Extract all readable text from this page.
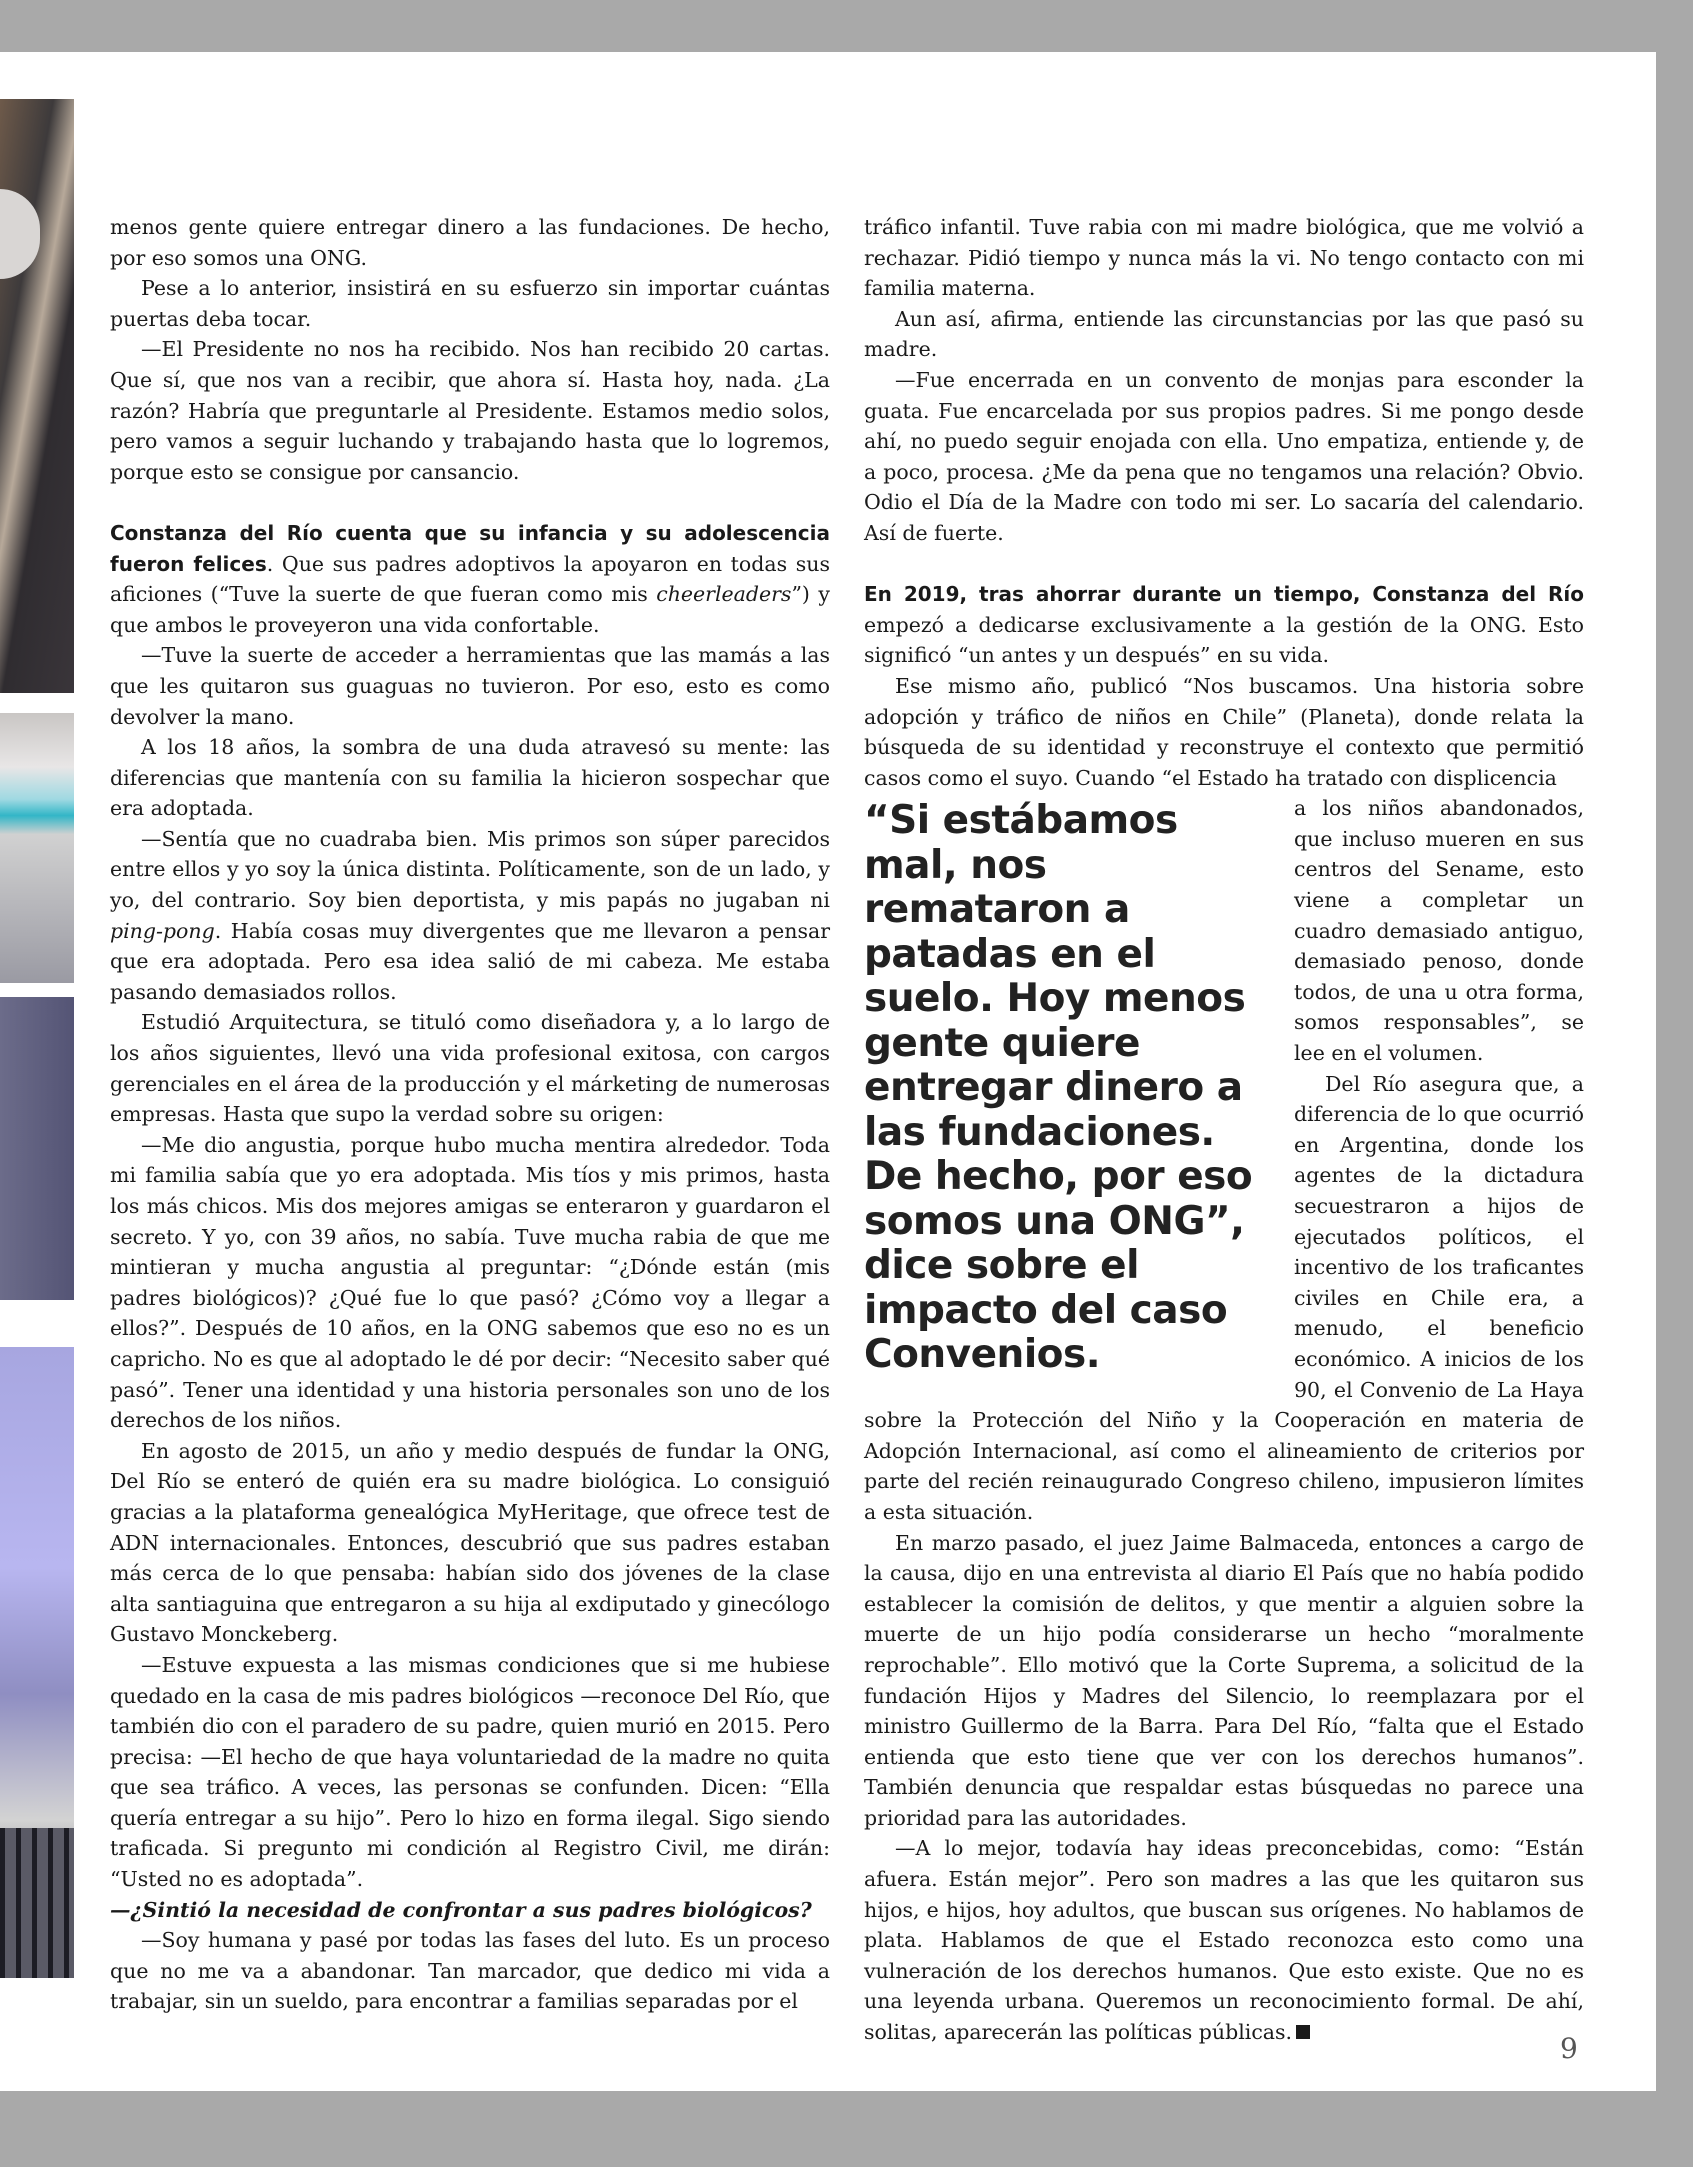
menos gente quiere entregar dinero a las fundaciones. De hecho, por eso somos una ONG.

Pese a lo anterior, insistirá en su esfuerzo sin importar cuántas puertas deba tocar.

—El Presidente no nos ha recibido. Nos han recibido 20 cartas. Que sí, que nos van a recibir, que ahora sí. Hasta hoy, nada. ¿La razón? Habría que preguntarle al Presidente. Estamos medio solos, pero vamos a seguir luchando y trabajando hasta que lo logremos, porque esto se consigue por cansancio.

Constanza del Río cuenta que su infancia y su adolescencia fueron felices. Que sus padres adoptivos la apoyaron en todas sus aficiones (“Tuve la suerte de que fueran como mis cheerleaders”) y que ambos le proveyeron una vida confortable.

—Tuve la suerte de acceder a herramientas que las mamás a las que les quitaron sus guaguas no tuvieron. Por eso, esto es como devolver la mano.

A los 18 años, la sombra de una duda atravesó su mente: las diferencias que mantenía con su familia la hicieron sospechar que era adoptada.

—Sentía que no cuadraba bien. Mis primos son súper parecidos entre ellos y yo soy la única distinta. Políticamente, son de un lado, y yo, del contrario. Soy bien deportista, y mis papás no jugaban ni ping-pong. Había cosas muy divergentes que me llevaron a pensar que era adoptada. Pero esa idea salió de mi cabeza. Me estaba pasando demasiados rollos.

Estudió Arquitectura, se tituló como diseñadora y, a lo largo de los años siguientes, llevó una vida profesional exitosa, con cargos gerenciales en el área de la producción y el márketing de numerosas empresas. Hasta que supo la verdad sobre su origen:

—Me dio angustia, porque hubo mucha mentira alrededor. Toda mi familia sabía que yo era adoptada. Mis tíos y mis primos, hasta los más chicos. Mis dos mejores amigas se enteraron y guardaron el secreto. Y yo, con 39 años, no sabía. Tuve mucha rabia de que me mintieran y mucha angustia al preguntar: “¿Dónde están (mis padres biológicos)? ¿Qué fue lo que pasó? ¿Cómo voy a llegar a ellos?”. Después de 10 años, en la ONG sabemos que eso no es un capricho. No es que al adoptado le dé por decir: “Necesito saber qué pasó”. Tener una identidad y una historia personales son uno de los derechos de los niños.

En agosto de 2015, un año y medio después de fundar la ONG, Del Río se enteró de quién era su madre biológica. Lo consiguió gracias a la plataforma genealógica MyHeritage, que ofrece test de ADN internacionales. Entonces, descubrió que sus padres estaban más cerca de lo que pensaba: habían sido dos jóvenes de la clase alta santiaguina que entregaron a su hija al exdiputado y ginecólogo Gustavo Monckeberg.

—Estuve expuesta a las mismas condiciones que si me hubiese quedado en la casa de mis padres biológicos —reconoce Del Río, que también dio con el paradero de su padre, quien murió en 2015. Pero precisa: —El hecho de que haya voluntariedad de la madre no quita que sea tráfico. A veces, las personas se confunden. Dicen: “Ella quería entregar a su hijo”. Pero lo hizo en forma ilegal. Sigo siendo traficada. Si pregunto mi condición al Registro Civil, me dirán: “Usted no es adoptada”.

—¿Sintió la necesidad de confrontar a sus padres biológicos?

—Soy humana y pasé por todas las fases del luto. Es un proceso que no me va a abandonar. Tan marcador, que dedico mi vida a trabajar, sin un sueldo, para encontrar a familias separadas por el

tráfico infantil. Tuve rabia con mi madre biológica, que me volvió a rechazar. Pidió tiempo y nunca más la vi. No tengo contacto con mi familia materna.

Aun así, afirma, entiende las circunstancias por las que pasó su madre.

—Fue encerrada en un convento de monjas para esconder la guata. Fue encarcelada por sus propios padres. Si me pongo desde ahí, no puedo seguir enojada con ella. Uno empatiza, entiende y, de a poco, procesa. ¿Me da pena que no tengamos una relación? Obvio. Odio el Día de la Madre con todo mi ser. Lo sacaría del calendario. Así de fuerte.

En 2019, tras ahorrar durante un tiempo, Constanza del Río empezó a dedicarse exclusivamente a la gestión de la ONG. Esto significó “un antes y un después” en su vida.

Ese mismo año, publicó “Nos buscamos. Una historia sobre adopción y tráfico de niños en Chile” (Planeta), donde relata la búsqueda de su identidad y reconstruye el contexto que permitió casos como el suyo. Cuando “el Estado ha tratado con displicencia

“Si estábamos mal, nos remataron a patadas en el suelo. Hoy menos gente quiere entregar dinero a las fundaciones. De hecho, por eso somos una ONG”, dice sobre el impacto del caso Convenios.

a los niños abandonados, que incluso mueren en sus centros del Sename, esto viene a completar un cuadro demasiado antiguo, demasiado penoso, donde todos, de una u otra forma, somos responsables”, se lee en el volumen.

Del Río asegura que, a diferencia de lo que ocurrió en Argentina, donde los agentes de la dictadura secuestraron a hijos de ejecutados políticos, el incentivo de los traficantes civiles en Chile era, a menudo, el beneficio económico. A inicios de los 90, el Convenio de La Haya sobre la Protección del Niño y la Cooperación en materia de Adopción Internacional, así como el alineamiento de criterios por parte del recién reinaugurado Congreso chileno, impusieron límites a esta situación.

En marzo pasado, el juez Jaime Balmaceda, entonces a cargo de la causa, dijo en una entrevista al diario El País que no había podido establecer la comisión de delitos, y que mentir a alguien sobre la muerte de un hijo podía considerarse un hecho “moralmente reprochable”. Ello motivó que la Corte Suprema, a solicitud de la fundación Hijos y Madres del Silencio, lo reemplazara por el ministro Guillermo de la Barra. Para Del Río, “falta que el Estado entienda que esto tiene que ver con los derechos humanos”. También denuncia que respaldar estas búsquedas no parece una prioridad para las autoridades.

—A lo mejor, todavía hay ideas preconcebidas, como: “Están afuera. Están mejor”. Pero son madres a las que les quitaron sus hijos, e hijos, hoy adultos, que buscan sus orígenes. No hablamos de plata. Hablamos de que el Estado reconozca esto como una vulneración de los derechos humanos. Que esto existe. Que no es una leyenda urbana. Queremos un reconocimiento formal. De ahí, solitas, aparecerán las políticas públicas.	9
